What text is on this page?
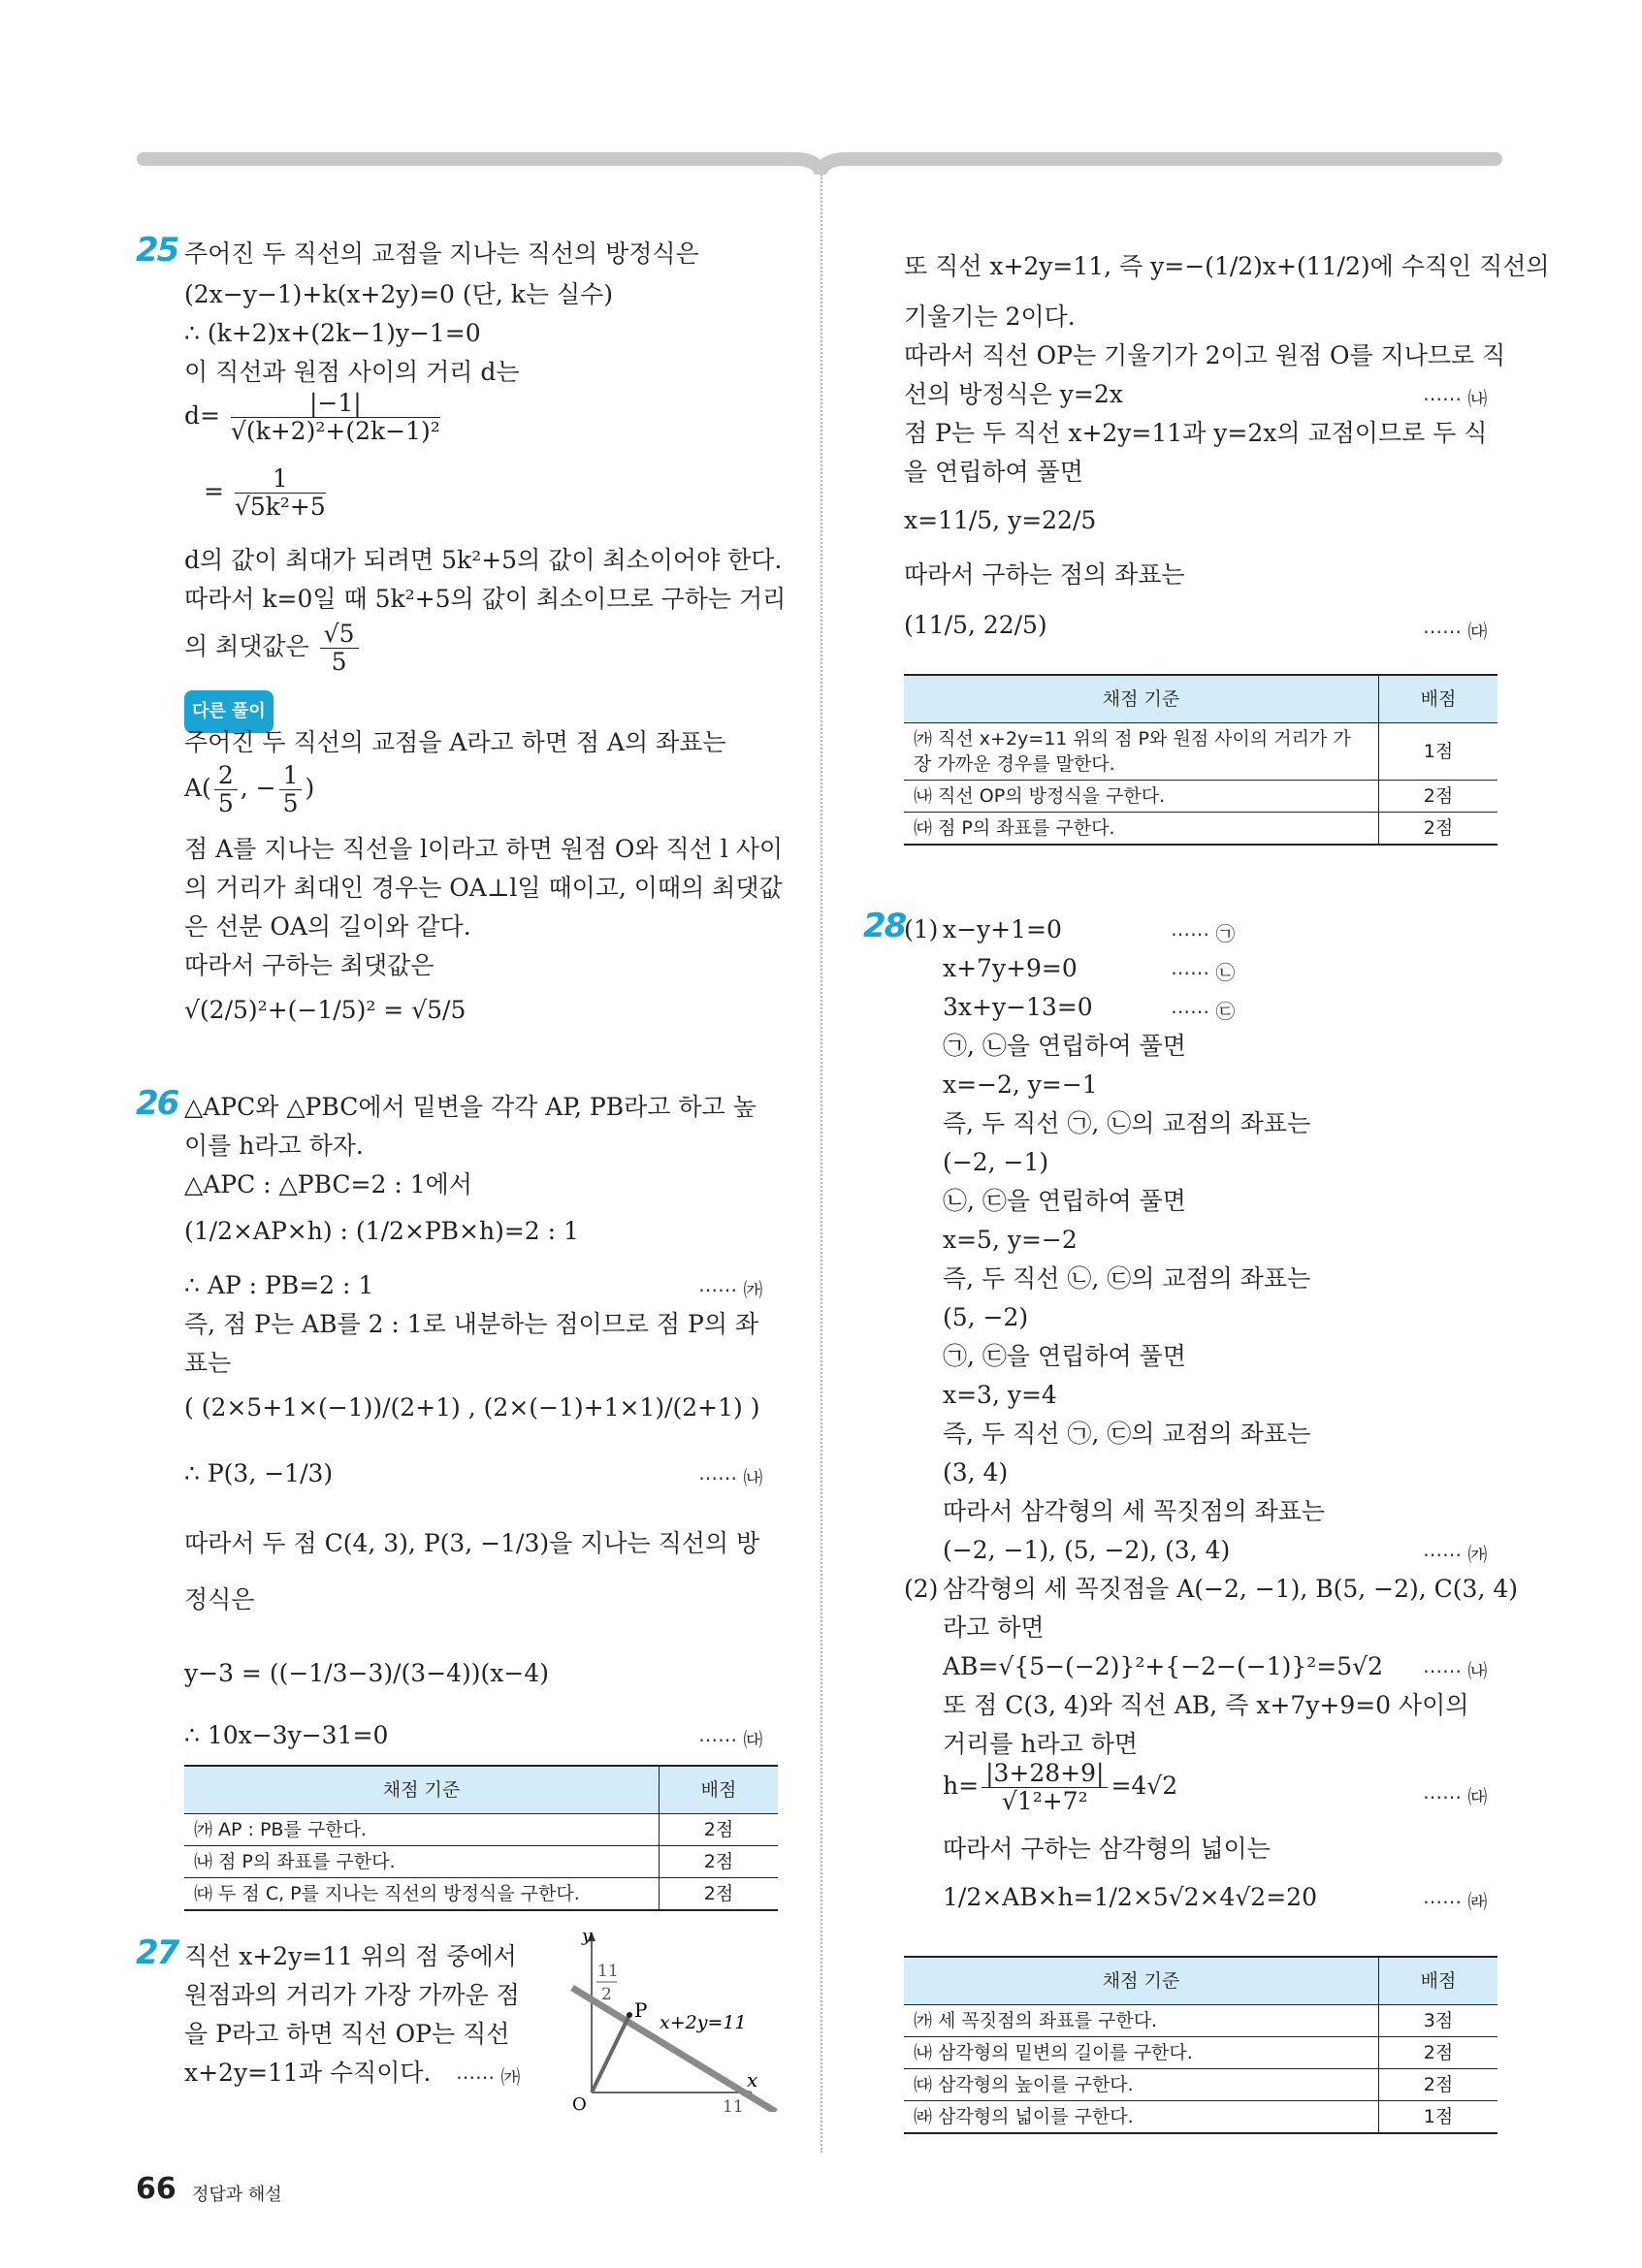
25 주어진 두 직선의 교점을 지나는 직선의 방정식은
(2x−y−1)+k(x+2y)=0 (단, k는 실수)
∴ (k+2)x+(2k−1)y−1=0
이 직선과 원점 사이의 거리 d는
$d= \frac{|-1|}{\text{√(k+2)²+(2k−1)²}}$
= $\frac{1}{\text{√5k²+5}}$
d의 값이 최대가 되려면 5k²+5의 값이 최소이어야 한다.
따라서 k=0일 때 5k²+5의 값이 최소이므로 구하는 거리
의 최댓값은 $\frac{√5}{5}$
다른 풀이
주어진 두 직선의 교점을 A라고 하면 점 A의 좌표는
$A( \frac{2}{5}$ , − $\frac{1}{5}$ )
점 A를 지나는 직선을 l이라고 하면 원점 O와 직선 l 사이
의 거리가 최대인 경우는 OA⊥l일 때이고, 이때의 최댓값
은 선분 OA의 길이와 같다.
따라서 구하는 최댓값은
√(2/5)²+(−1/5)² = √5/5
26 △APC와 △PBC에서 밑변을 각각 AP, PB라고 하고 높
이를 h라고 하자.
△APC : △PBC=2 : 1에서
(1/2×AP×h) : (1/2×PB×h)=2 : 1
∴ AP : PB=2 : 1	⋯⋯ ㈎
즉, 점 P는 AB를 2 : 1로 내분하는 점이므로 점 P의 좌
표는
( (2×5+1×(−1))/(2+1) , (2×(−1)+1×1)/(2+1) )
∴ P(3, −1/3)	⋯⋯ ㈏
따라서 두 점 C(4, 3), P(3, −1/3)을 지나는 직선의 방
정식은
y−3 = ((−1/3−3)/(3−4))(x−4)
∴ 10x−3y−31=0	⋯⋯ ㈐
채점 기준	배점
㈎ AP : PB를 구한다.	2점
㈏ 점 P의 좌표를 구한다.	2점
㈐ 두 점 C, P를 지나는 직선의 방정식을 구한다.	2점
27 직선 x+2y=11 위의 점 중에서
원점과의 거리가 가장 가까운 점
을 P라고 하면 직선 OP는 직선
x+2y=11과 수직이다. ⋯⋯ ㈎
y
x
O
P
x+2y=11
11
11
2
또 직선 x+2y=11, 즉 y=−(1/2)x+(11/2)에 수직인 직선의
기울기는 2이다.
따라서 직선 OP는 기울기가 2이고 원점 O를 지나므로 직
선의 방정식은 y=2x	⋯⋯ ㈏
점 P는 두 직선 x+2y=11과 y=2x의 교점이므로 두 식
을 연립하여 풀면
x=11/5, y=22/5
따라서 구하는 점의 좌표는
(11/5, 22/5)	⋯⋯ ㈐
채점 기준	배점
㈎ 직선 x+2y=11 위의 점 P와 원점 사이의 거리가 가장 가까운 경우를 말한다.	1점
㈏ 직선 OP의 방정식을 구한다.	2점
㈐ 점 P의 좌표를 구한다.	2점
28
(1) x−y+1=0	⋯⋯ ㉠
x+7y+9=0	⋯⋯ ㉡
3x+y−13=0	⋯⋯ ㉢
㉠, ㉡을 연립하여 풀면
x=−2, y=−1
즉, 두 직선 ㉠, ㉡의 교점의 좌표는
(−2, −1)
㉡, ㉢을 연립하여 풀면
x=5, y=−2
즉, 두 직선 ㉡, ㉢의 교점의 좌표는
(5, −2)
㉠, ㉢을 연립하여 풀면
x=3, y=4
즉, 두 직선 ㉠, ㉢의 교점의 좌표는
(3, 4)
따라서 삼각형의 세 꼭짓점의 좌표는
(−2, −1), (5, −2), (3, 4)	⋯⋯ ㈎
(2) 삼각형의 세 꼭짓점을 A(−2, −1), B(5, −2), C(3, 4)
라고 하면
AB=√{5−(−2)}²+{−2−(−1)}²=5√2 ⋯⋯ ㈏
또 점 C(3, 4)와 직선 AB, 즉 x+7y+9=0 사이의
거리를 h라고 하면
$h= \frac{|3+28+9|}{\text{√1²+7²}} =4√2$	⋯⋯ ㈐
따라서 구하는 삼각형의 넓이는
1/2×AB×h=1/2×5√2×4√2=20	⋯⋯ ㈑
채점 기준	배점
㈎ 세 꼭짓점의 좌표를 구한다.	3점
㈏ 삼각형의 밑변의 길이를 구한다.	2점
㈐ 삼각형의 높이를 구한다.	2점
㈑ 삼각형의 넓이를 구한다.	1점
66 정답과 해설
